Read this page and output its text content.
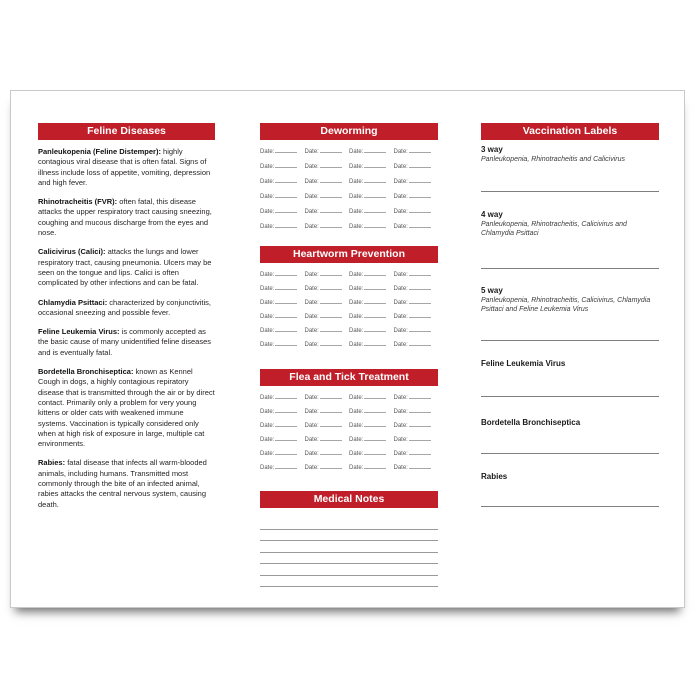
Feline Diseases

Panleukopenia (Feline Distemper): highly contagious viral disease that is often fatal. Signs of illness include loss of appetite, vomiting, depression and high fever.

Rhinotracheitis (FVR): often fatal, this disease attacks the upper respiratory tract causing sneezing, coughing and mucous discharge from the eyes and nose.

Calicivirus (Calici): attacks the lungs and lower respiratory tract, causing pneumonia. Ulcers may be seen on the tongue and lips. Calici is often complicated by other infections and can be fatal.

Chlamydia Psittaci: characterized by conjunctivitis, occasional sneezing and possible fever.

Feline Leukemia Virus: is commonly accepted as the basic cause of many unidentified feline diseases and is eventually fatal.

Bordetella Bronchiseptica: known as Kennel Cough in dogs, a highly contagious repiratory disease that is transmitted through the air or by direct contact. Primarily only a problem for very young kittens or older cats with weakened immune systems. Vaccination is typically considered only when at high risk of exposure in large, multiple cat environments.

Rabies: fatal disease that infects all warm-blooded animals, including humans. Transmitted most commonly through the bite of an infected animal, rabies attacks the central nervous system, causing death.

Deworming
Date:	Date:	Date:	Date:
Date:	Date:	Date:	Date:
Date:	Date:	Date:	Date:
Date:	Date:	Date:	Date:
Date:	Date:	Date:	Date:
Date:	Date:	Date:	Date:
Heartworm Prevention
Date:	Date:	Date:	Date:
Date:	Date:	Date:	Date:
Date:	Date:	Date:	Date:
Date:	Date:	Date:	Date:
Date:	Date:	Date:	Date:
Date:	Date:	Date:	Date:
Flea and Tick Treatment
Date:	Date:	Date:	Date:
Date:	Date:	Date:	Date:
Date:	Date:	Date:	Date:
Date:	Date:	Date:	Date:
Date:	Date:	Date:	Date:
Date:	Date:	Date:	Date:
Medical Notes
Vaccination Labels
3 way
Panleukopenia, Rhinotracheitis and Calicivirus
4 way
Panleukopenia, Rhinotracheitis, Calicivirus and Chlamydia Psittaci
5 way
Panleukopenia, Rhinotracheitis, Calicivirus, Chlamydia Psittaci and Feline Leukemia Virus
Feline Leukemia Virus
Bordetella Bronchiseptica
Rabies
